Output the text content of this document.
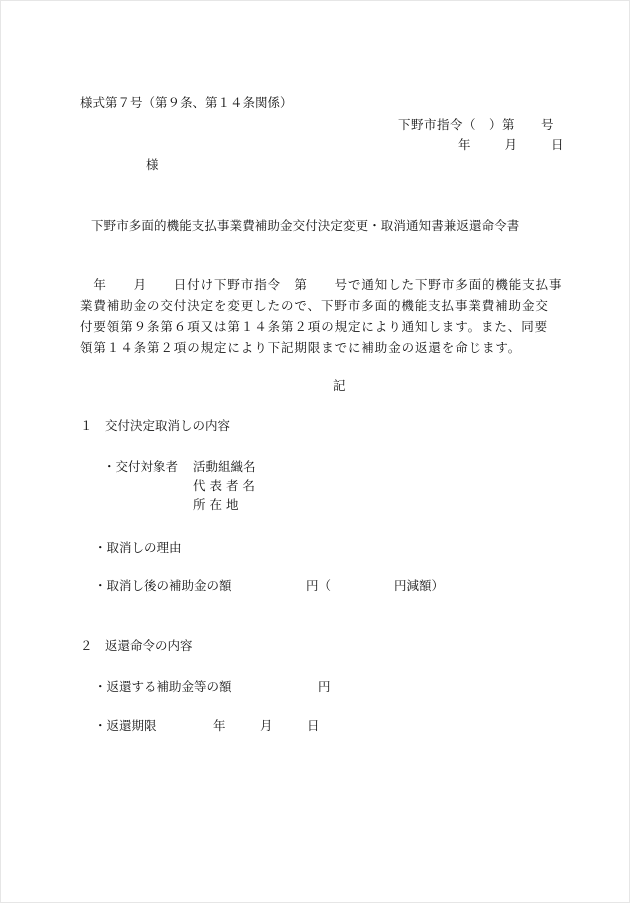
様式第７号（第９条、第１４条関係）
下野市指令（　）第　　号
年　　月　　日
様
下野市多面的機能支払事業費補助金交付決定変更・取消通知書兼返還命令書
　年　　月　　日付け下野市指令　第　　号で通知した下野市多面的機能支払事
業費補助金の交付決定を変更したので、下野市多面的機能支払事業費補助金交
付要領第９条第６項又は第１４条第２項の規定により通知します。また、同要
領第１４条第２項の規定により下記期限までに補助金の返還を命じます。
記
１　交付決定取消しの内容
・交付対象者 活動組織名
代 表 者 名
所 在 地
・取消しの理由
・取消し後の補助金の額	円（	円減額）
２　返還命令の内容
・返還する補助金等の額	円
・返還期限	年	月	日
